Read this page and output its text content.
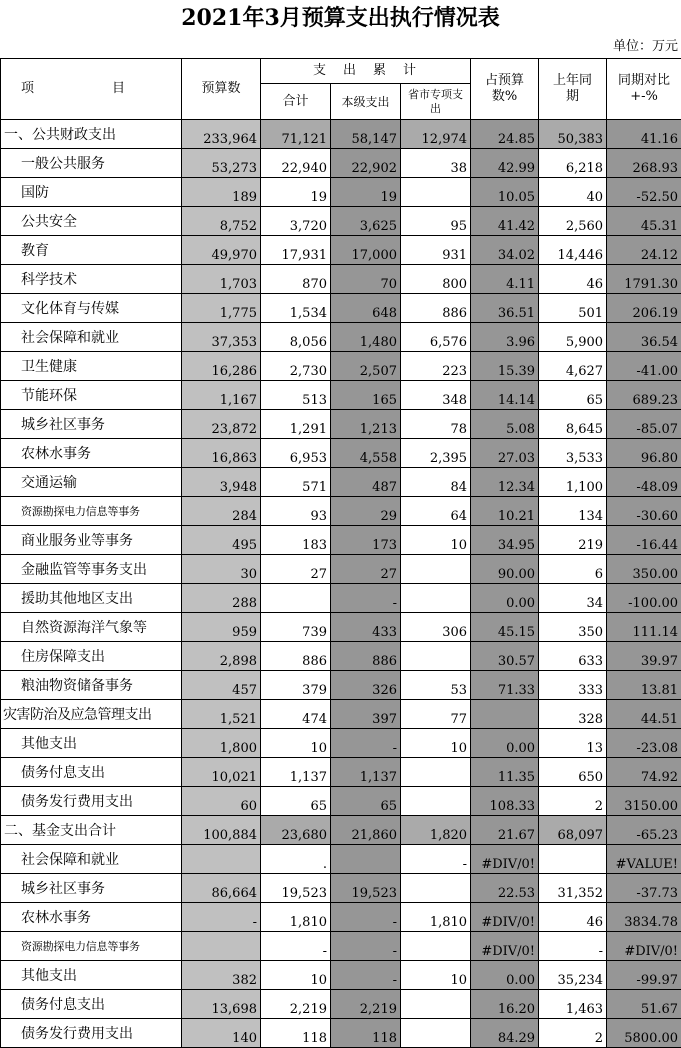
2021年3月预算支出执行情况表
单位：万元
项　　　　　　目	预算数	支　出　累　计			占预算数%	上年同期	同期对比+-%
		合计	本级支出	省市专项支出			
一、公共财政支出	233,964	71,121	58,147	12,974	24.85	50,383	41.16
一般公共服务	53,273	22,940	22,902	38	42.99	6,218	268.93
国防	189	19	19		10.05	40	-52.50
公共安全	8,752	3,720	3,625	95	41.42	2,560	45.31
教育	49,970	17,931	17,000	931	34.02	14,446	24.12
科学技术	1,703	870	70	800	4.11	46	1791.30
文化体育与传媒	1,775	1,534	648	886	36.51	501	206.19
社会保障和就业	37,353	8,056	1,480	6,576	3.96	5,900	36.54
卫生健康	16,286	2,730	2,507	223	15.39	4,627	-41.00
节能环保	1,167	513	165	348	14.14	65	689.23
城乡社区事务	23,872	1,291	1,213	78	5.08	8,645	-85.07
农林水事务	16,863	6,953	4,558	2,395	27.03	3,533	96.80
交通运输	3,948	571	487	84	12.34	1,100	-48.09
资源勘探电力信息等事务	284	93	29	64	10.21	134	-30.60
商业服务业等事务	495	183	173	10	34.95	219	-16.44
金融监管等事务支出	30	27	27		90.00	6	350.00
援助其他地区支出	288		-		0.00	34	-100.00
自然资源海洋气象等	959	739	433	306	45.15	350	111.14
住房保障支出	2,898	886	886		30.57	633	39.97
粮油物资储备事务	457	379	326	53	71.33	333	13.81
灾害防治及应急管理支出	1,521	474	397	77		328	44.51
其他支出	1,800	10	-	10	0.00	13	-23.08
债务付息支出	10,021	1,137	1,137		11.35	650	74.92
债务发行费用支出	60	65	65		108.33	2	3150.00
二、基金支出合计	100,884	23,680	21,860	1,820	21.67	68,097	-65.23
社会保障和就业		.		-	#DIV/0!		#VALUE!
城乡社区事务	86,664	19,523	19,523		22.53	31,352	-37.73
农林水事务	-	1,810	-	1,810	#DIV/0!	46	3834.78
资源勘探电力信息等事务		-	-		#DIV/0!	-	#DIV/0!
其他支出	382	10	-	10	0.00	35,234	-99.97
债务付息支出	13,698	2,219	2,219		16.20	1,463	51.67
债务发行费用支出	140	118	118		84.29	2	5800.00
